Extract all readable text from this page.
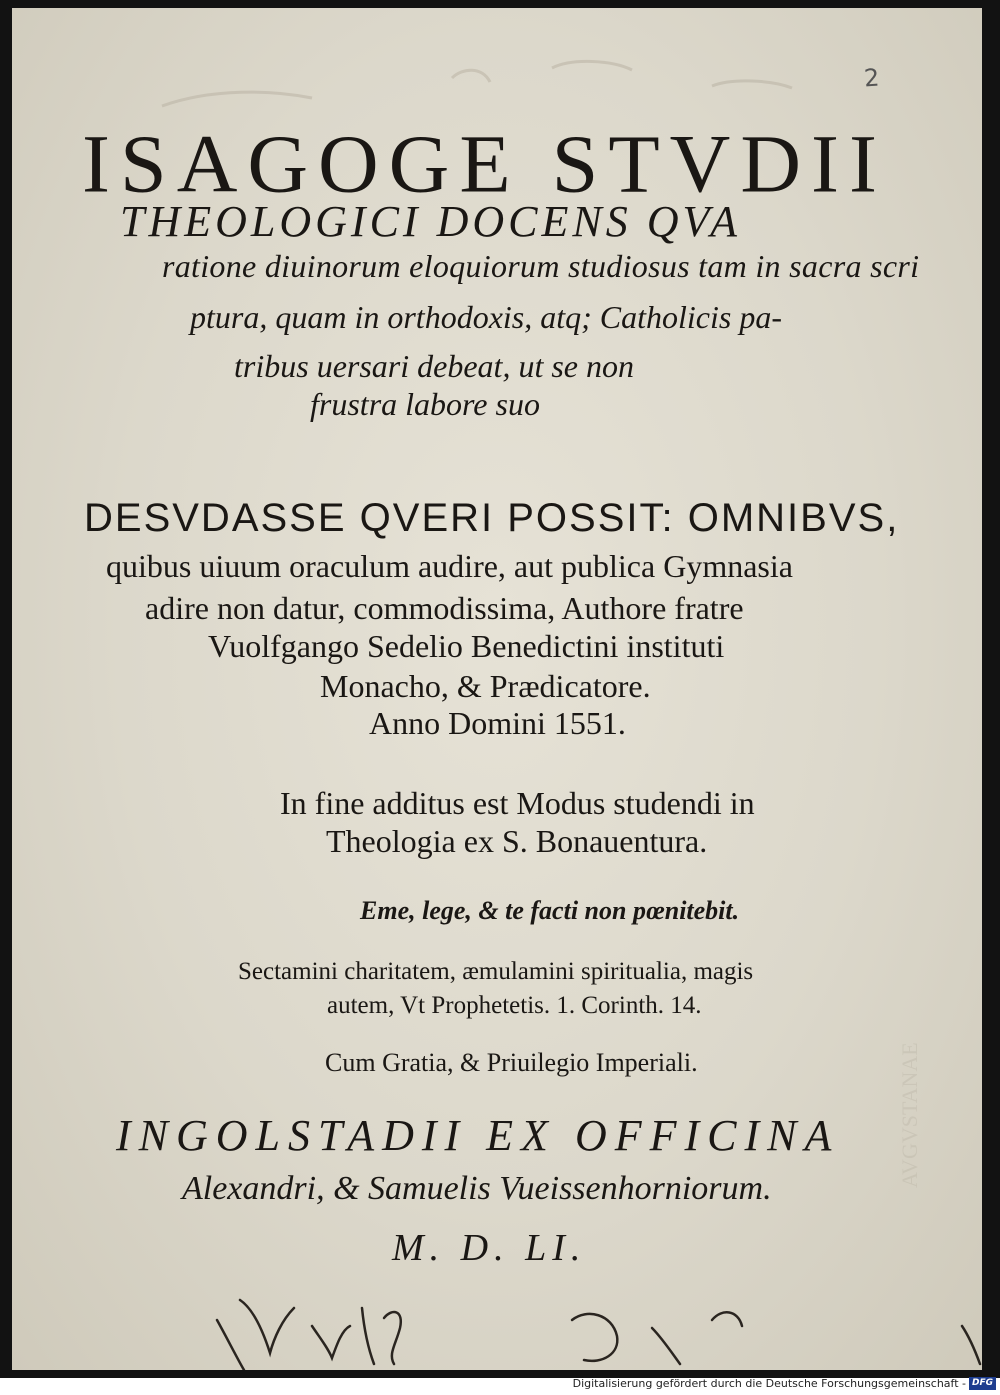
AVGVSTANAE
2
ISAGOGE STVDII
THEOLOGICI DOCENS QVA
ratione diuinorum eloquiorum studiosus tam in sacra scri
ptura, quam in orthodoxis, atq; Catholicis pa-
tribus uersari debeat, ut se non
frustra labore suo
DESVDASSE QVERI POSSIT: OMNIBVS,
quibus uiuum oraculum audire, aut publica Gymnasia
adire non datur, commodissima, Authore fratre
Vuolfgango Sedelio Benedictini instituti
Monacho, & Prædicatore.
Anno Domini 1551.
In fine additus est Modus studendi in
Theologia ex S. Bonauentura.
Eme, lege, & te facti non pœnitebit.
Sectamini charitatem, æmulamini spiritualia, magis
autem, Vt Prophetetis. 1. Corinth. 14.
Cum Gratia, & Priuilegio Imperiali.
INGOLSTADII EX OFFICINA
Alexandri, & Samuelis Vueissenhorniorum.
M. D. LI.
Digitalisierung gefördert durch die Deutsche Forschungsgemeinschaft - DFG
